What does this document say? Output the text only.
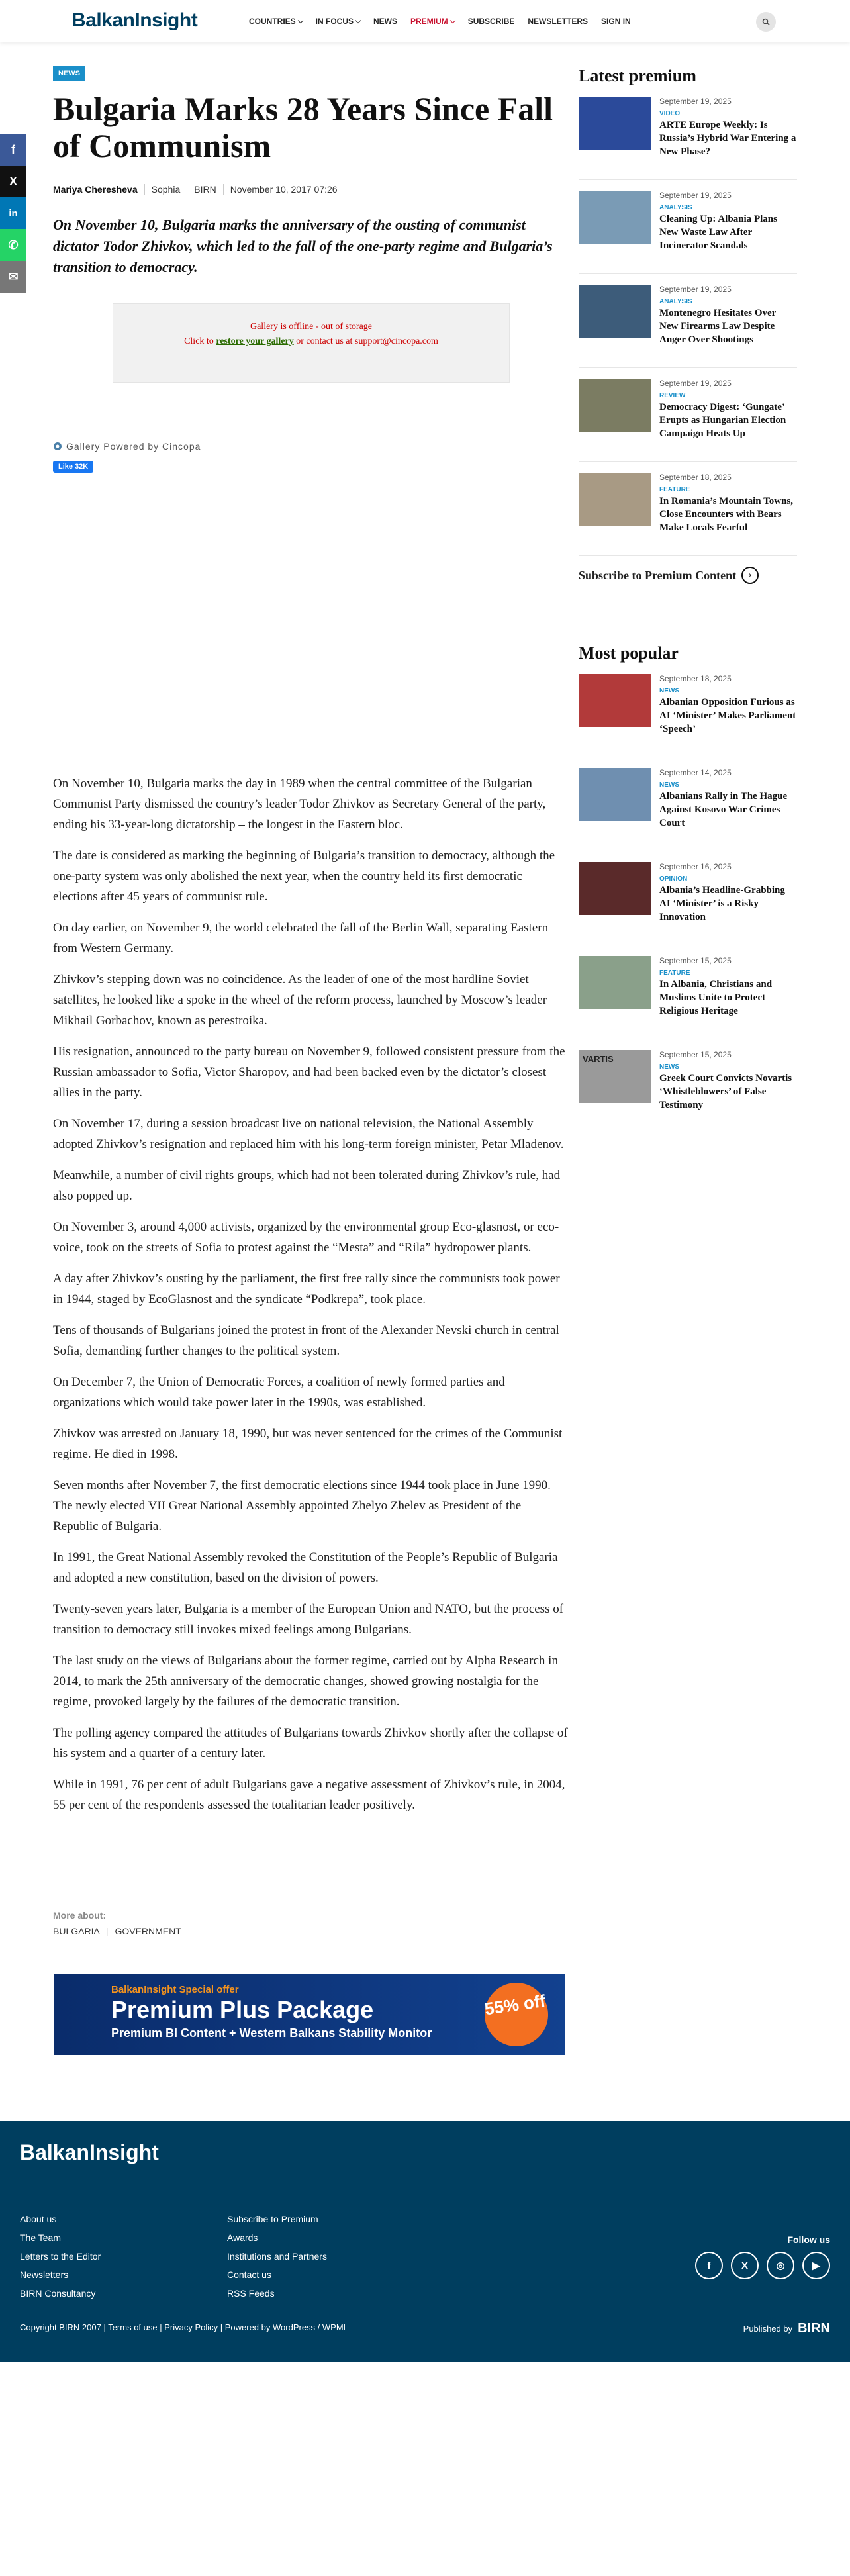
BalkanInsight	COUNTRIES	IN FOCUS	NEWS PREMIUM	SUBSCRIBE NEWSLETTERS SIGN IN
f
X
in
✆
✉
NEWS
Bulgaria Marks 28 Years Since Fall of Communism
Mariya Cheresheva	Sophia	BIRN	November 10, 2017 07:26

On November 10, Bulgaria marks the anniversary of the ousting of communist dictator Todor Zhivkov, which led to the fall of the one-party regime and Bulgaria’s transition to democracy.

Gallery is offline - out of storage
Click to restore your gallery or contact us at support@cincopa.com
Gallery Powered by Cincopa
Like 32K

On November 10, Bulgaria marks the day in 1989 when the central committee of the Bulgarian Communist Party dismissed the country’s leader Todor Zhivkov as Secretary General of the party, ending his 33-year-long dictatorship – the longest in the Eastern bloc.

The date is considered as marking the beginning of Bulgaria’s transition to democracy, although the one-party system was only abolished the next year, when the country held its first democratic elections after 45 years of communist rule.

On day earlier, on November 9, the world celebrated the fall of the Berlin Wall, separating Eastern from Western Germany.

Zhivkov’s stepping down was no coincidence. As the leader of one of the most hardline Soviet satellites, he looked like a spoke in the wheel of the reform process, launched by Moscow’s leader Mikhail Gorbachov, known as perestroika.

His resignation, announced to the party bureau on November 9, followed consistent pressure from the Russian ambassador to Sofia, Victor Sharopov, and had been backed even by the dictator’s closest allies in the party.

On November 17, during a session broadcast live on national television, the National Assembly adopted Zhivkov’s resignation and replaced him with his long-term foreign minister, Petar Mladenov.

Meanwhile, a number of civil rights groups, which had not been tolerated during Zhivkov’s rule, had also popped up.

On November 3, around 4,000 activists, organized by the environmental group Eco-glasnost, or eco-voice, took on the streets of Sofia to protest against the “Mesta” and “Rila” hydropower plants.

A day after Zhivkov’s ousting by the parliament, the first free rally since the communists took power in 1944, staged by EcoGlasnost and the syndicate “Podkrepa”, took place.

Tens of thousands of Bulgarians joined the protest in front of the Alexander Nevski church in central Sofia, demanding further changes to the political system.

On December 7, the Union of Democratic Forces, a coalition of newly formed parties and organizations which would take power later in the 1990s, was established.

Zhivkov was arrested on January 18, 1990, but was never sentenced for the crimes of the Communist regime. He died in 1998.

Seven months after November 7, the first democratic elections since 1944 took place in June 1990. The newly elected VII Great National Assembly appointed Zhelyo Zhelev as President of the Republic of Bulgaria.

In 1991, the Great National Assembly revoked the Constitution of the People’s Republic of Bulgaria and adopted a new constitution, based on the division of powers.

Twenty-seven years later, Bulgaria is a member of the European Union and NATO, but the process of transition to democracy still invokes mixed feelings among Bulgarians.

The last study on the views of Bulgarians about the former regime, carried out by Alpha Research in 2014, to mark the 25th anniversary of the democratic changes, showed growing nostalgia for the regime, provoked largely by the failures of the democratic transition.

The polling agency compared the attitudes of Bulgarians towards Zhivkov shortly after the collapse of his system and a quarter of a century later.

While in 1991, 76 per cent of adult Bulgarians gave a negative assessment of Zhivkov’s rule, in 2004, 55 per cent of the respondents assessed the totalitarian leader positively.

More about:
BULGARIA | GOVERNMENT
BalkanInsight Special offer
Premium Plus Package
Premium BI Content + Western Balkans Stability Monitor
55% off
Latest premium
September 19, 2025
VIDEO
ARTE Europe Weekly: Is Russia’s Hybrid War Entering a New Phase?
September 19, 2025
ANALYSIS
Cleaning Up: Albania Plans New Waste Law After Incinerator Scandals
September 19, 2025
ANALYSIS
Montenegro Hesitates Over New Firearms Law Despite Anger Over Shootings
September 19, 2025
REVIEW
Democracy Digest: ‘Gungate’ Erupts as Hungarian Election Campaign Heats Up
September 18, 2025
FEATURE
In Romania’s Mountain Towns, Close Encounters with Bears Make Locals Fearful
Subscribe to Premium Content	›
Most popular
September 18, 2025
NEWS
Albanian Opposition Furious as AI ‘Minister’ Makes Parliament ‘Speech’
September 14, 2025
NEWS
Albanians Rally in The Hague Against Kosovo War Crimes Court
September 16, 2025
OPINION
Albania’s Headline-Grabbing AI ‘Minister’ is a Risky Innovation
September 15, 2025
FEATURE
In Albania, Christians and Muslims Unite to Protect Religious Heritage
VARTIS	September 15, 2025
NEWS
Greek Court Convicts Novartis ‘Whistleblowers’ of False Testimony
BalkanInsight
About us
The Team
Letters to the Editor
Newsletters
BIRN Consultancy
Subscribe to Premium
Awards
Institutions and Partners
Contact us
RSS Feeds
Follow us
f	X	◎	▶
Copyright BIRN 2007 | Terms of use | Privacy Policy | Powered by WordPress / WPML	Published by BIRN
